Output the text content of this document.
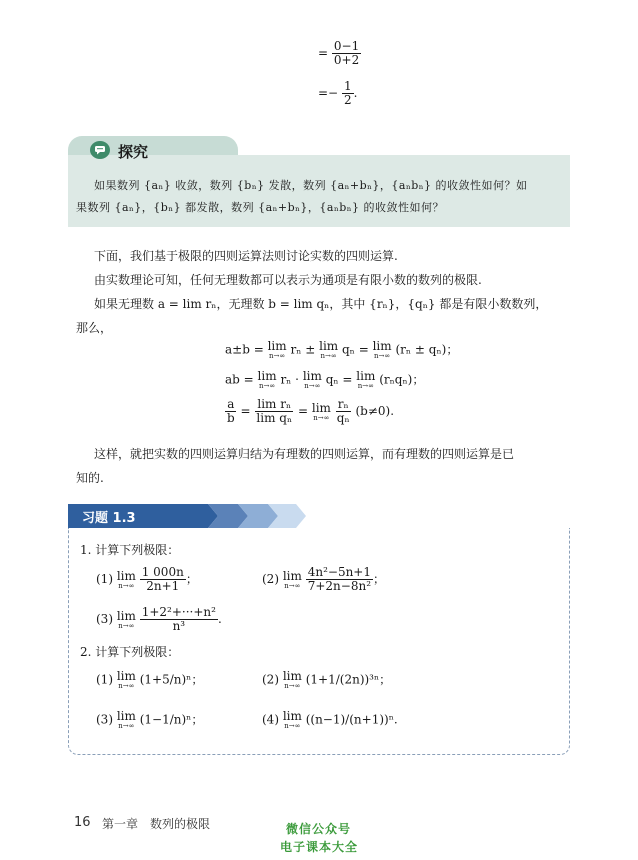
= $\frac{0-1}{0+2}$
=− $\frac{1}{2}$ .
探究
如果数列 {aₙ} 收敛，数列 {bₙ} 发散，数列 {aₙ+bₙ}，{aₙbₙ} 的收敛性如何？如
果数列 {aₙ}，{bₙ} 都发散，数列 {aₙ+bₙ}，{aₙbₙ} 的收敛性如何？
下面，我们基于极限的四则运算法则讨论实数的四则运算.
由实数理论可知，任何无理数都可以表示为通项是有限小数的数列的极限.
如果无理数 a = lim rₙ，无理数 b = lim qₙ，其中 {rₙ}，{qₙ} 都是有限小数数列，
那么，
a±b = lim
n→∞ rₙ ± lim
n→∞ qₙ = lim
n→∞ (rₙ ± qₙ)；
ab = lim
n→∞ rₙ · lim
n→∞ qₙ = lim
n→∞ (rₙqₙ)；
$\frac{a}{b} = \frac{\text{lim rₙ}}{\text{lim qₙ}} = \lim$
n→∞
$\frac{\text{rₙ}}{\text{qₙ}} (b\ne 0)$.
这样，就把实数的四则运算归结为有理数的四则运算，而有理数的四则运算是已
知的.
习题 1.3
1. 计算下列极限：
(1) lim
n→∞
$\frac{1 000n}{2n+1}$ ；	(2) lim
n→∞
$\frac{\text{4n²−5n+1}}{\text{7+2n−8n²}}$ ；
(3) lim
n→∞
$\frac{\text{1+2²+···+n²}}{\text{n³}}$ .
2. 计算下列极限：
(1) lim
n→∞ (1+5/n)ⁿ；	(2) lim
n→∞ (1+1/(2n))³ⁿ；
(3) lim
n→∞ (1−1/n)ⁿ；	(4) lim
n→∞ ((n−1)/(n+1))ⁿ.
16 第一章　数列的极限	微信公众号
电子课本大全
